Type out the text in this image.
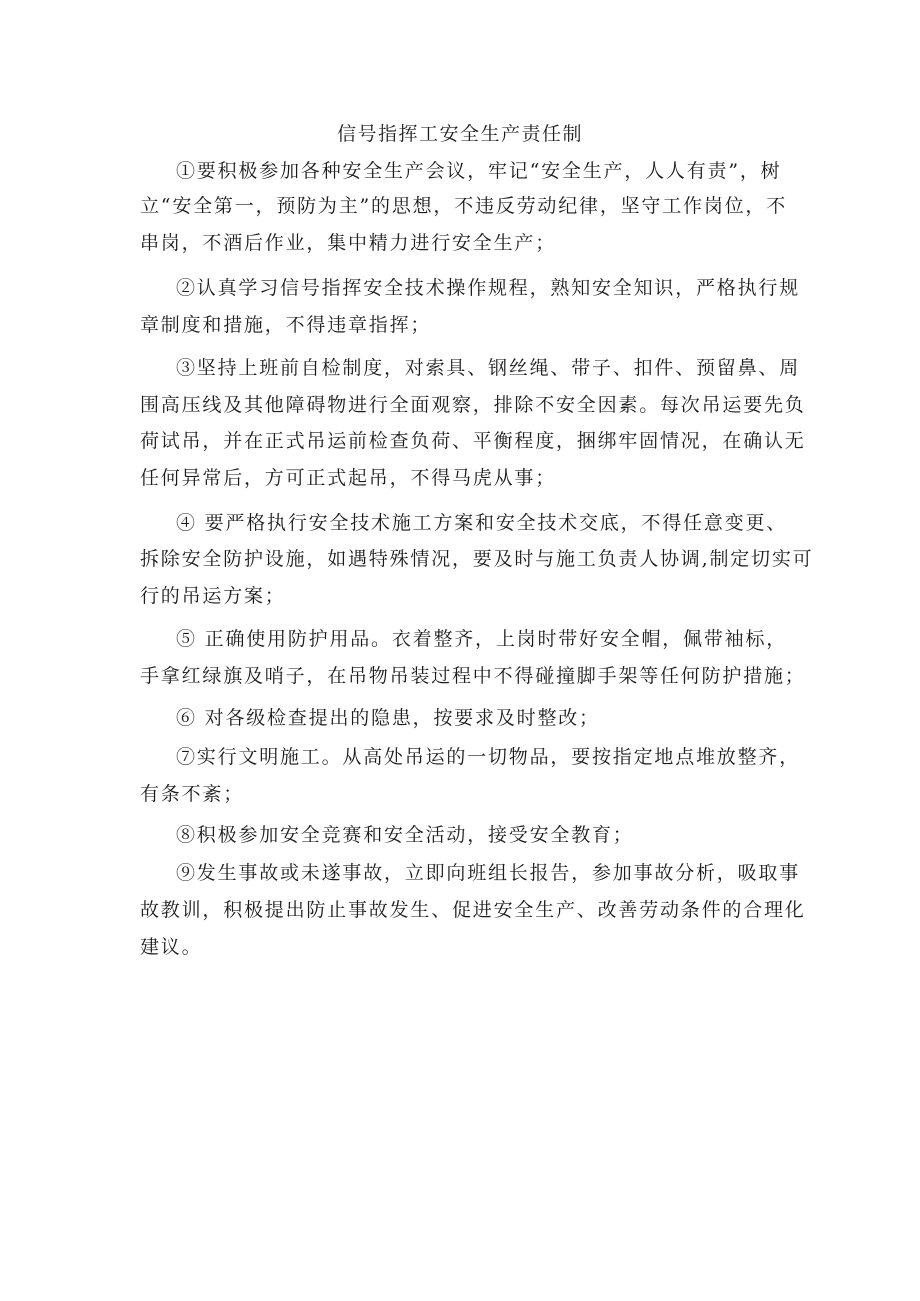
信号指挥工安全生产责任制

①要积极参加各种安全生产会议，牢记“安全生产，人人有责”，树

立“安全第一，预防为主”的思想，不违反劳动纪律，坚守工作岗位，不

串岗，不酒后作业，集中精力进行安全生产；

②认真学习信号指挥安全技术操作规程，熟知安全知识，严格执行规

章制度和措施，不得违章指挥；

③坚持上班前自检制度，对索具、钢丝绳、带子、扣件、预留鼻、周

围高压线及其他障碍物进行全面观察，排除不安全因素。每次吊运要先负

荷试吊，并在正式吊运前检查负荷、平衡程度，捆绑牢固情况，在确认无

任何异常后，方可正式起吊，不得马虎从事；

④ 要严格执行安全技术施工方案和安全技术交底，不得任意变更、

拆除安全防护设施，如遇特殊情况，要及时与施工负责人协调,制定切实可

行的吊运方案；

⑤ 正确使用防护用品。衣着整齐，上岗时带好安全帽，佩带袖标，

手拿红绿旗及哨子，在吊物吊装过程中不得碰撞脚手架等任何防护措施；

⑥ 对各级检查提出的隐患，按要求及时整改；

⑦实行文明施工。从高处吊运的一切物品，要按指定地点堆放整齐，

有条不紊；

⑧积极参加安全竞赛和安全活动，接受安全教育；

⑨发生事故或未遂事故，立即向班组长报告，参加事故分析，吸取事

故教训，积极提出防止事故发生、促进安全生产、改善劳动条件的合理化

建议。
